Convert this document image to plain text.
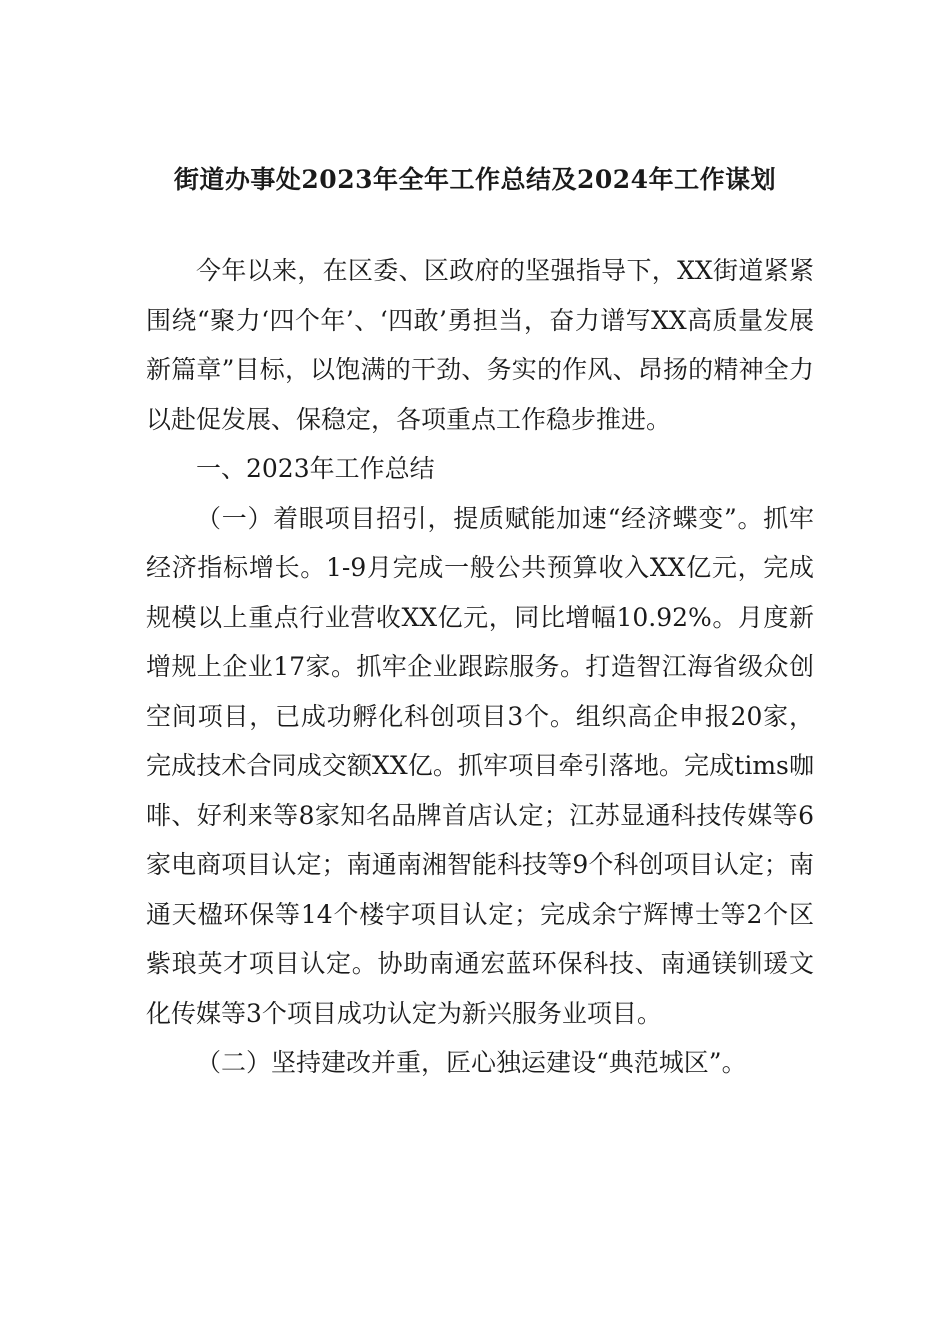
街道办事处2023年全年工作总结及2024年工作谋划

今年以来，在区委、区政府的坚强指导下，XX街道紧紧围绕“聚力‘四个年’、‘四敢’勇担当，奋力谱写XX高质量发展新篇章”目标，以饱满的干劲、务实的作风、昂扬的精神全力以赴促发展、保稳定，各项重点工作稳步推进。

一、2023年工作总结

（一）着眼项目招引，提质赋能加速“经济蝶变”。抓牢经济指标增长。1-9月完成一般公共预算收入XX亿元，完成规模以上重点行业营收XX亿元，同比增幅10.92%。月度新增规上企业17家。抓牢企业跟踪服务。打造智江海省级众创空间项目，已成功孵化科创项目3个。组织高企申报20家，完成技术合同成交额XX亿。抓牢项目牵引落地。完成tims咖啡、好利来等8家知名品牌首店认定；江苏显通科技传媒等6家电商项目认定；南通南湘智能科技等9个科创项目认定；南通天楹环保等14个楼宇项目认定；完成余宁辉博士等2个区紫琅英才项目认定。协助南通宏蓝环保科技、南通镁钏瑗文化传媒等3个项目成功认定为新兴服务业项目。

（二）坚持建改并重，匠心独运建设“典范城区”。
